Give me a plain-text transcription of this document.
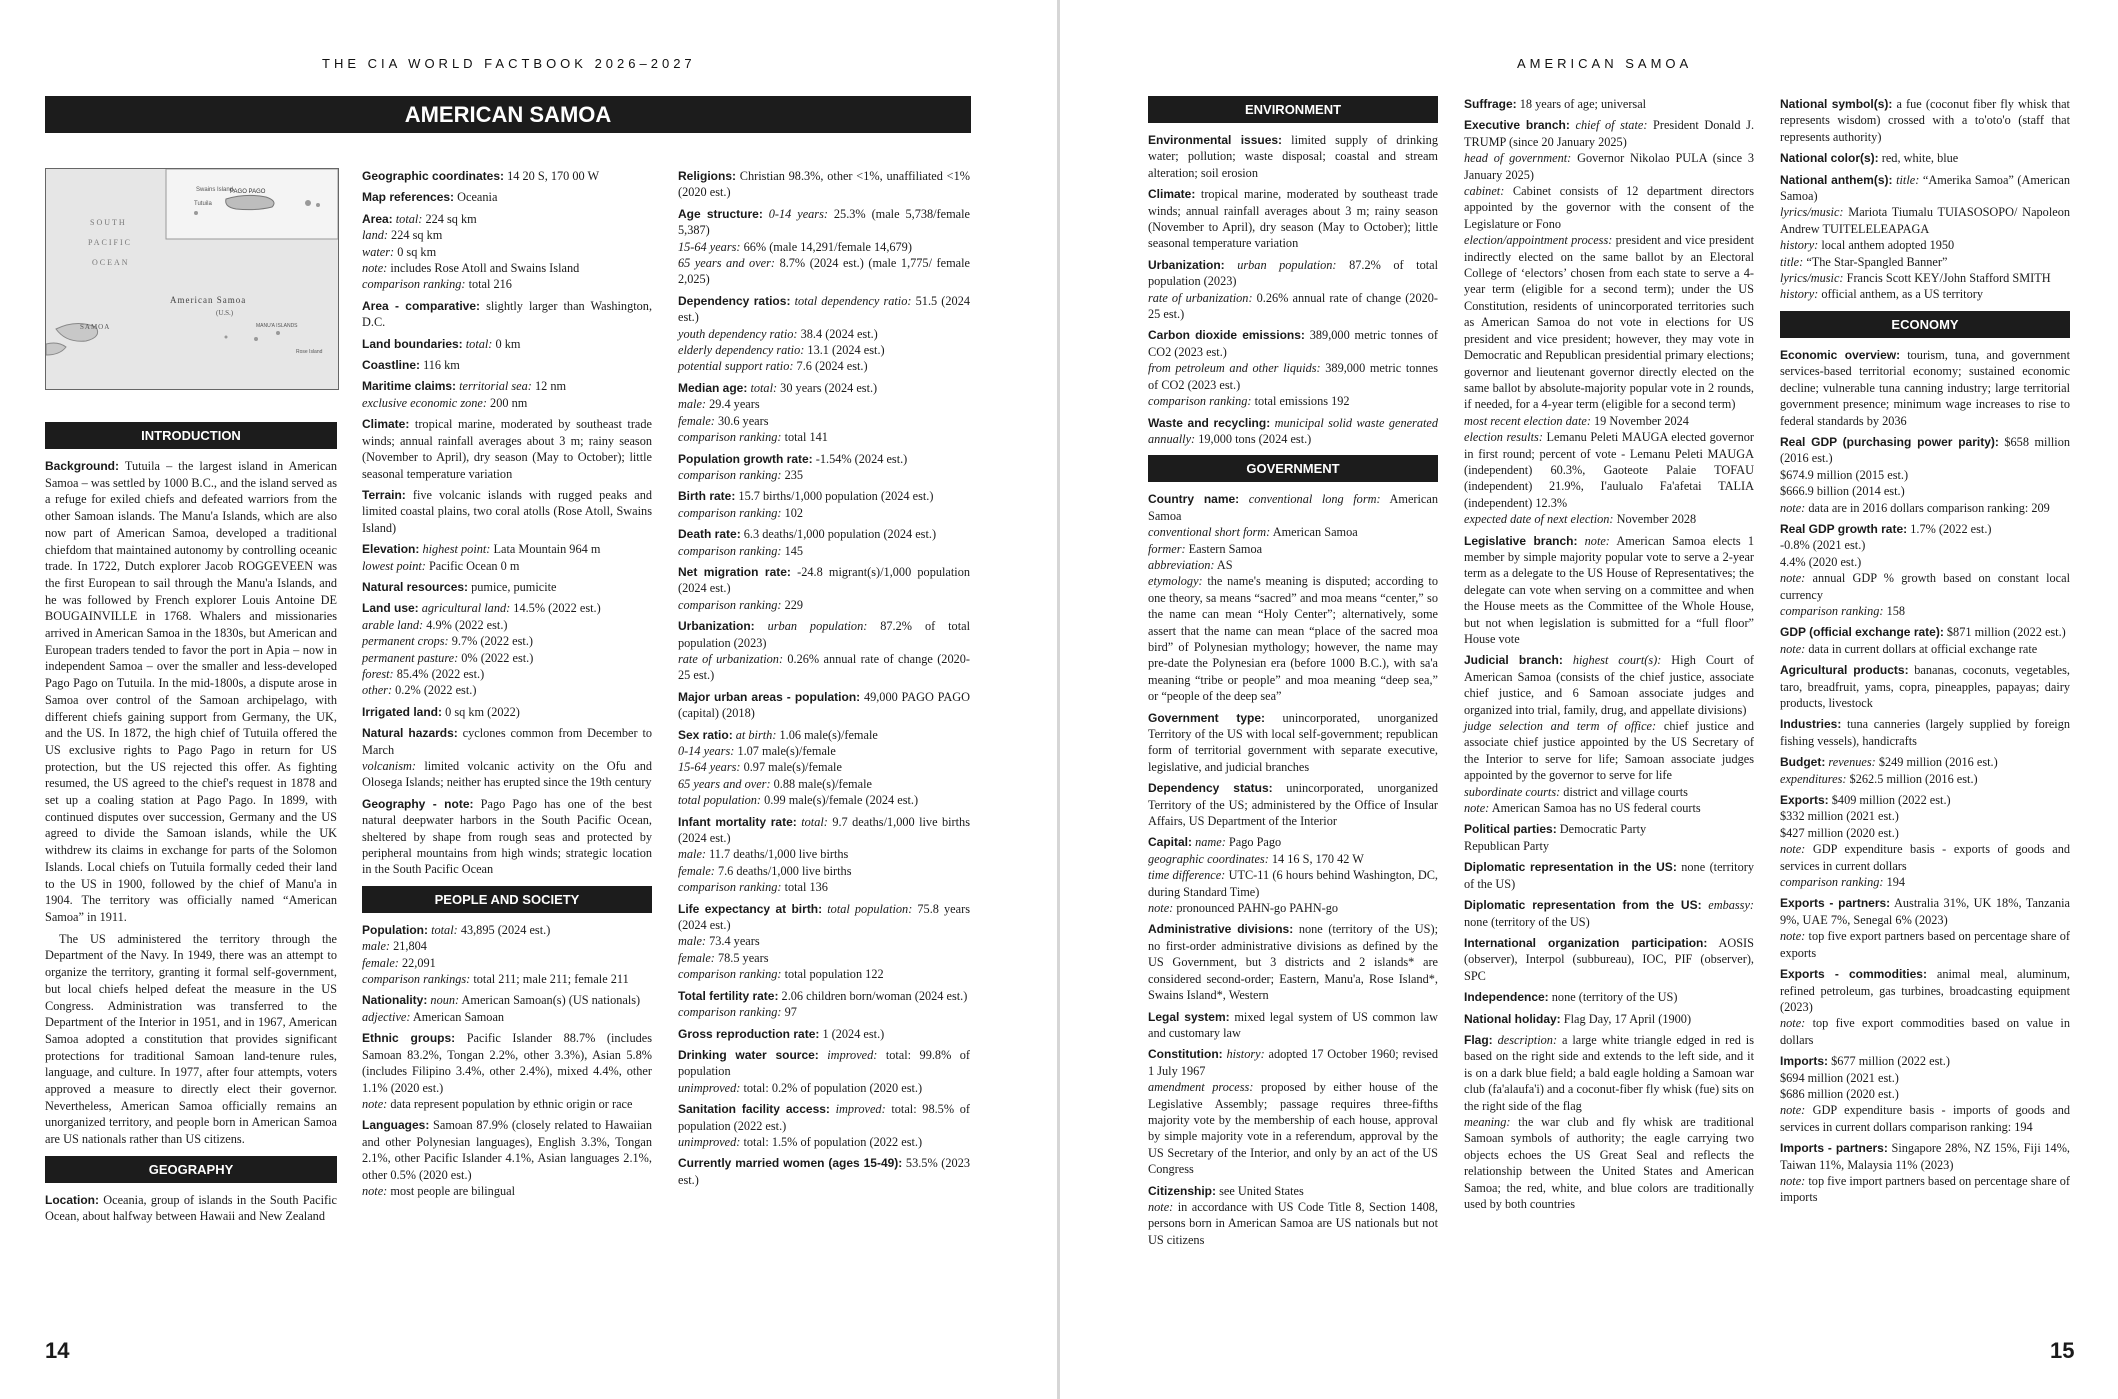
THE CIA WORLD FACTBOOK 2026–2027
AMERICAN SAMOA
Swains Island
PAGO PAGO
Tutuila
SOUTH
PACIFIC
OCEAN
American Samoa
(U.S.)
SAMOA	MANU'A ISLANDS
Rose Island
INTRODUCTION

Background: Tutuila – the largest island in American Samoa – was settled by 1000 B.C., and the island served as a refuge for exiled chiefs and defeated warriors from the other Samoan islands. The Manu'a Islands, which are also now part of American Samoa, developed a traditional chiefdom that maintained autonomy by controlling oceanic trade. In 1722, Dutch explorer Jacob ROGGEVEEN was the first European to sail through the Manu'a Islands, and he was followed by French explorer Louis Antoine DE BOUGAINVILLE in 1768. Whalers and missionaries arrived in American Samoa in the 1830s, but American and European traders tended to favor the port in Apia – now in independent Samoa – over the smaller and less-developed Pago Pago on Tutuila. In the mid-1800s, a dispute arose in Samoa over control of the Samoan archipelago, with different chiefs gaining support from Germany, the UK, and the US. In 1872, the high chief of Tutuila offered the US exclusive rights to Pago Pago in return for US protection, but the US rejected this offer. As fighting resumed, the US agreed to the chief's request in 1878 and set up a coaling station at Pago Pago. In 1899, with continued disputes over succession, Germany and the US agreed to divide the Samoan islands, while the UK withdrew its claims in exchange for parts of the Solomon Islands. Local chiefs on Tutuila formally ceded their land to the US in 1900, followed by the chief of Manu'a in 1904. The territory was officially named “American Samoa” in 1911.

The US administered the territory through the Department of the Navy. In 1949, there was an attempt to organize the territory, granting it formal self-government, but local chiefs helped defeat the measure in the US Congress. Administration was transferred to the Department of the Interior in 1951, and in 1967, American Samoa adopted a constitution that provides significant protections for traditional Samoan land-tenure rules, language, and culture. In 1977, after four attempts, voters approved a measure to directly elect their governor. Nevertheless, American Samoa officially remains an unorganized territory, and people born in American Samoa are US nationals rather than US citizens.

GEOGRAPHY

Location: Oceania, group of islands in the South Pacific Ocean, about halfway between Hawaii and New Zealand

Geographic coordinates: 14 20 S, 170 00 W

Map references: Oceania

Area: total: 224 sq km
land: 224 sq km
water: 0 sq km
note: includes Rose Atoll and Swains Island
comparison ranking: total 216

Area - comparative: slightly larger than Washington, D.C.

Land boundaries: total: 0 km

Coastline: 116 km

Maritime claims: territorial sea: 12 nm
exclusive economic zone: 200 nm

Climate: tropical marine, moderated by southeast trade winds; annual rainfall averages about 3 m; rainy season (November to April), dry season (May to October); little seasonal temperature variation

Terrain: five volcanic islands with rugged peaks and limited coastal plains, two coral atolls (Rose Atoll, Swains Island)

Elevation: highest point: Lata Mountain 964 m
lowest point: Pacific Ocean 0 m

Natural resources: pumice, pumicite

Land use: agricultural land: 14.5% (2022 est.)
arable land: 4.9% (2022 est.)
permanent crops: 9.7% (2022 est.)
permanent pasture: 0% (2022 est.)
forest: 85.4% (2022 est.)
other: 0.2% (2022 est.)

Irrigated land: 0 sq km (2022)

Natural hazards: cyclones common from December to March
volcanism: limited volcanic activity on the Ofu and Olosega Islands; neither has erupted since the 19th century

Geography - note: Pago Pago has one of the best natural deepwater harbors in the South Pacific Ocean, sheltered by shape from rough seas and protected by peripheral mountains from high winds; strategic location in the South Pacific Ocean

PEOPLE AND SOCIETY

Population: total: 43,895 (2024 est.)
male: 21,804
female: 22,091
comparison rankings: total 211; male 211; female 211

Nationality: noun: American Samoan(s) (US nationals)
adjective: American Samoan

Ethnic groups: Pacific Islander 88.7% (includes Samoan 83.2%, Tongan 2.2%, other 3.3%), Asian 5.8% (includes Filipino 3.4%, other 2.4%), mixed 4.4%, other 1.1% (2020 est.)
note: data represent population by ethnic origin or race

Languages: Samoan 87.9% (closely related to Hawaiian and other Polynesian languages), English 3.3%, Tongan 2.1%, other Pacific Islander 4.1%, Asian languages 2.1%, other 0.5% (2020 est.)
note: most people are bilingual

Religions: Christian 98.3%, other <1%, unaffiliated <1% (2020 est.)

Age structure: 0-14 years: 25.3% (male 5,738/female 5,387)
15-64 years: 66% (male 14,291/female 14,679)
65 years and over: 8.7% (2024 est.) (male 1,775/ female 2,025)

Dependency ratios: total dependency ratio: 51.5 (2024 est.)
youth dependency ratio: 38.4 (2024 est.)
elderly dependency ratio: 13.1 (2024 est.)
potential support ratio: 7.6 (2024 est.)

Median age: total: 30 years (2024 est.)
male: 29.4 years
female: 30.6 years
comparison ranking: total 141

Population growth rate: -1.54% (2024 est.)
comparison ranking: 235

Birth rate: 15.7 births/1,000 population (2024 est.)
comparison ranking: 102

Death rate: 6.3 deaths/1,000 population (2024 est.)
comparison ranking: 145

Net migration rate: -24.8 migrant(s)/1,000 population (2024 est.)
comparison ranking: 229

Urbanization: urban population: 87.2% of total population (2023)
rate of urbanization: 0.26% annual rate of change (2020-25 est.)

Major urban areas - population: 49,000 PAGO PAGO (capital) (2018)

Sex ratio: at birth: 1.06 male(s)/female
0-14 years: 1.07 male(s)/female
15-64 years: 0.97 male(s)/female
65 years and over: 0.88 male(s)/female
total population: 0.99 male(s)/female (2024 est.)

Infant mortality rate: total: 9.7 deaths/1,000 live births (2024 est.)
male: 11.7 deaths/1,000 live births
female: 7.6 deaths/1,000 live births
comparison ranking: total 136

Life expectancy at birth: total population: 75.8 years (2024 est.)
male: 73.4 years
female: 78.5 years
comparison ranking: total population 122

Total fertility rate: 2.06 children born/woman (2024 est.)
comparison ranking: 97

Gross reproduction rate: 1 (2024 est.)

Drinking water source: improved: total: 99.8% of population
unimproved: total: 0.2% of population (2020 est.)

Sanitation facility access: improved: total: 98.5% of population (2022 est.)
unimproved: total: 1.5% of population (2022 est.)

Currently married women (ages 15-49): 53.5% (2023 est.)

14
AMERICAN SAMOA
ENVIRONMENT

Environmental issues: limited supply of drinking water; pollution; waste disposal; coastal and stream alteration; soil erosion

Climate: tropical marine, moderated by southeast trade winds; annual rainfall averages about 3 m; rainy season (November to April), dry season (May to October); little seasonal temperature variation

Urbanization: urban population: 87.2% of total population (2023)
rate of urbanization: 0.26% annual rate of change (2020-25 est.)

Carbon dioxide emissions: 389,000 metric tonnes of CO2 (2023 est.)
from petroleum and other liquids: 389,000 metric tonnes of CO2 (2023 est.)
comparison ranking: total emissions 192

Waste and recycling: municipal solid waste generated annually: 19,000 tons (2024 est.)

GOVERNMENT

Country name: conventional long form: American Samoa
conventional short form: American Samoa
former: Eastern Samoa
abbreviation: AS
etymology: the name's meaning is disputed; according to one theory, sa means “sacred” and moa means “center,” so the name can mean “Holy Center”; alternatively, some assert that the name can mean “place of the sacred moa bird” of Polynesian mythology; however, the name may pre-date the Polynesian era (before 1000 B.C.), with sa'a meaning “tribe or people” and moa meaning “deep sea,” or “people of the deep sea”

Government type: unincorporated, unorganized Territory of the US with local self-government; republican form of territorial government with separate executive, legislative, and judicial branches

Dependency status: unincorporated, unorganized Territory of the US; administered by the Office of Insular Affairs, US Department of the Interior

Capital: name: Pago Pago
geographic coordinates: 14 16 S, 170 42 W
time difference: UTC-11 (6 hours behind Washington, DC, during Standard Time)
note: pronounced PAHN-go PAHN-go

Administrative divisions: none (territory of the US); no first-order administrative divisions as defined by the US Government, but 3 districts and 2 islands* are considered second-order; Eastern, Manu'a, Rose Island*, Swains Island*, Western

Legal system: mixed legal system of US common law and customary law

Constitution: history: adopted 17 October 1960; revised 1 July 1967
amendment process: proposed by either house of the Legislative Assembly; passage requires three-fifths majority vote by the membership of each house, approval by simple majority vote in a referendum, approval by the US Secretary of the Interior, and only by an act of the US Congress

Citizenship: see United States
note: in accordance with US Code Title 8, Section 1408, persons born in American Samoa are US nationals but not US citizens

Suffrage: 18 years of age; universal

Executive branch: chief of state: President Donald J. TRUMP (since 20 January 2025)
head of government: Governor Nikolao PULA (since 3 January 2025)
cabinet: Cabinet consists of 12 department directors appointed by the governor with the consent of the Legislature or Fono
election/appointment process: president and vice president indirectly elected on the same ballot by an Electoral College of ‘electors’ chosen from each state to serve a 4-year term (eligible for a second term); under the US Constitution, residents of unincorporated territories such as American Samoa do not vote in elections for US president and vice president; however, they may vote in Democratic and Republican presidential primary elections; governor and lieutenant governor directly elected on the same ballot by absolute-majority popular vote in 2 rounds, if needed, for a 4-year term (eligible for a second term)
most recent election date: 19 November 2024
election results: Lemanu Peleti MAUGA elected governor in first round; percent of vote - Lemanu Peleti MAUGA (independent) 60.3%, Gaoteote Palaie TOFAU (independent) 21.9%, I'aulualo Fa'afetai TALIA (independent) 12.3%
expected date of next election: November 2028

Legislative branch: note: American Samoa elects 1 member by simple majority popular vote to serve a 2-year term as a delegate to the US House of Representatives; the delegate can vote when serving on a committee and when the House meets as the Committee of the Whole House, but not when legislation is submitted for a “full floor” House vote

Judicial branch: highest court(s): High Court of American Samoa (consists of the chief justice, associate chief justice, and 6 Samoan associate judges and organized into trial, family, drug, and appellate divisions)
judge selection and term of office: chief justice and associate chief justice appointed by the US Secretary of the Interior to serve for life; Samoan associate judges appointed by the governor to serve for life
subordinate courts: district and village courts
note: American Samoa has no US federal courts

Political parties: Democratic Party
Republican Party

Diplomatic representation in the US: none (territory of the US)

Diplomatic representation from the US: embassy: none (territory of the US)

International organization participation: AOSIS (observer), Interpol (subbureau), IOC, PIF (observer), SPC

Independence: none (territory of the US)

National holiday: Flag Day, 17 April (1900)

Flag: description: a large white triangle edged in red is based on the right side and extends to the left side, and it is on a dark blue field; a bald eagle holding a Samoan war club (fa'alaufa'i) and a coconut-fiber fly whisk (fue) sits on the right side of the flag
meaning: the war club and fly whisk are traditional Samoan symbols of authority; the eagle carrying two objects echoes the US Great Seal and reflects the relationship between the United States and American Samoa; the red, white, and blue colors are traditionally used by both countries

National symbol(s): a fue (coconut fiber fly whisk that represents wisdom) crossed with a to'oto'o (staff that represents authority)

National color(s): red, white, blue

National anthem(s): title: “Amerika Samoa” (American Samoa)
lyrics/music: Mariota Tiumalu TUIASOSOPO/ Napoleon Andrew TUITELELEAPAGA
history: local anthem adopted 1950
title: “The Star-Spangled Banner”
lyrics/music: Francis Scott KEY/John Stafford SMITH
history: official anthem, as a US territory

ECONOMY

Economic overview: tourism, tuna, and government services-based territorial economy; sustained economic decline; vulnerable tuna canning industry; large territorial government presence; minimum wage increases to rise to federal standards by 2036

Real GDP (purchasing power parity): $658 million (2016 est.)
$674.9 million (2015 est.)
$666.9 billion (2014 est.)
note: data are in 2016 dollars comparison ranking: 209

Real GDP growth rate: 1.7% (2022 est.)
-0.8% (2021 est.)
4.4% (2020 est.)
note: annual GDP % growth based on constant local currency
comparison ranking: 158

GDP (official exchange rate): $871 million (2022 est.)
note: data in current dollars at official exchange rate

Agricultural products: bananas, coconuts, vegetables, taro, breadfruit, yams, copra, pineapples, papayas; dairy products, livestock

Industries: tuna canneries (largely supplied by foreign fishing vessels), handicrafts

Budget: revenues: $249 million (2016 est.)
expenditures: $262.5 million (2016 est.)

Exports: $409 million (2022 est.)
$332 million (2021 est.)
$427 million (2020 est.)
note: GDP expenditure basis - exports of goods and services in current dollars
comparison ranking: 194

Exports - partners: Australia 31%, UK 18%, Tanzania 9%, UAE 7%, Senegal 6% (2023)
note: top five export partners based on percentage share of exports

Exports - commodities: animal meal, aluminum, refined petroleum, gas turbines, broadcasting equipment (2023)
note: top five export commodities based on value in dollars

Imports: $677 million (2022 est.)
$694 million (2021 est.)
$686 million (2020 est.)
note: GDP expenditure basis - imports of goods and services in current dollars comparison ranking: 194

Imports - partners: Singapore 28%, NZ 15%, Fiji 14%, Taiwan 11%, Malaysia 11% (2023)
note: top five import partners based on percentage share of imports

15
